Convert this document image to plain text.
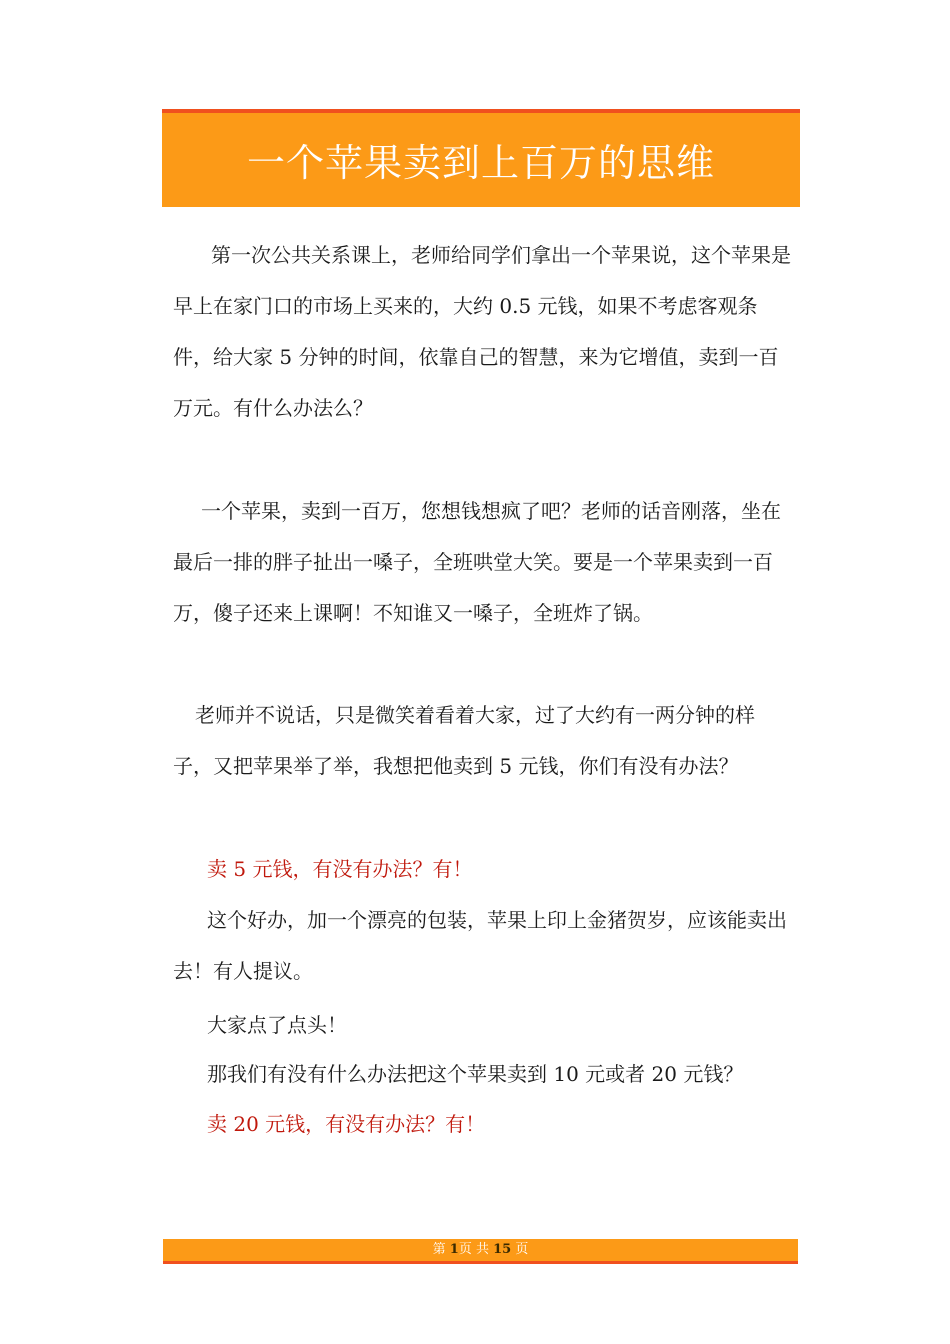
一个苹果卖到上百万的思维

第一次公共关系课上，老师给同学们拿出一个苹果说，这个苹果是早上在家门口的市场上买来的，大约 0.5 元钱，如果不考虑客观条件，给大家 5 分钟的时间，依靠自己的智慧，来为它增值，卖到一百万元。有什么办法么？

一个苹果，卖到一百万，您想钱想疯了吧？老师的话音刚落，坐在最后一排的胖子扯出一嗓子，全班哄堂大笑。要是一个苹果卖到一百万，傻子还来上课啊！不知谁又一嗓子，全班炸了锅。

老师并不说话，只是微笑着看着大家，过了大约有一两分钟的样子，又把苹果举了举，我想把他卖到 5 元钱，你们有没有办法？

卖 5 元钱，有没有办法？有！

这个好办，加一个漂亮的包装，苹果上印上金猪贺岁，应该能卖出去！有人提议。

大家点了点头！

那我们有没有什么办法把这个苹果卖到 10 元或者 20 元钱？

卖 20 元钱，有没有办法？有！

第 1页 共 15 页
